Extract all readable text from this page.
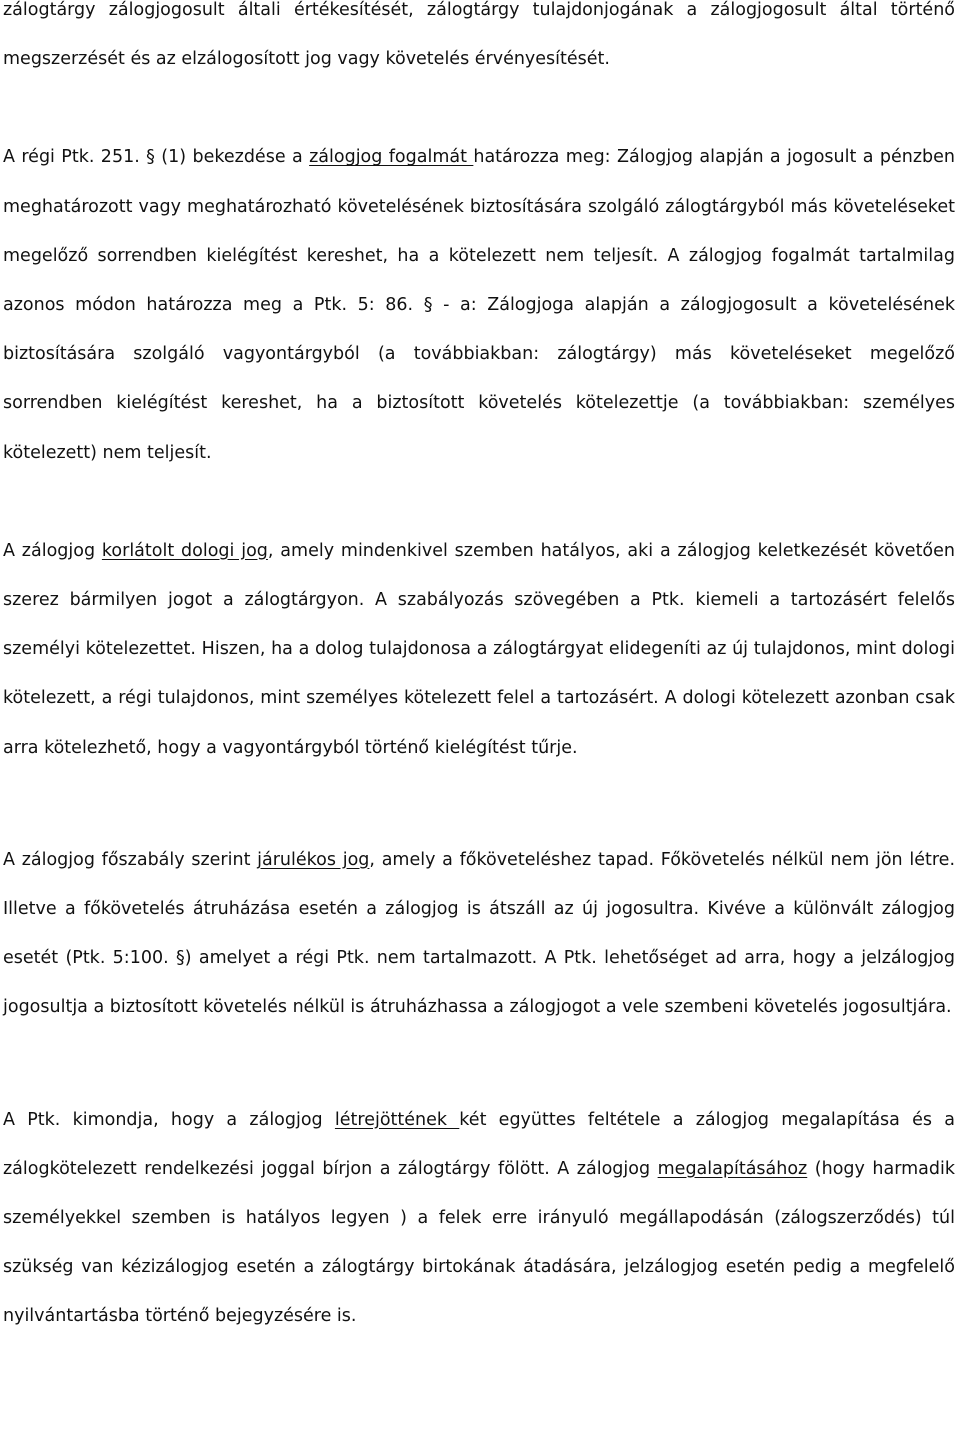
zálogtárgy zálogjogosult általi értékesítését, zálogtárgy tulajdonjogának a zálogjogosult által történő megszerzését és az elzálogosított jog vagy követelés érvényesítését.

A régi Ptk. 251. § (1) bekezdése a zálogjog fogalmát határozza meg: Zálogjog alapján a jogosult a pénzben meghatározott vagy meghatározható követelésének biztosítására szolgáló zálogtárgyból más követeléseket megelőző sorrendben kielégítést kereshet, ha a kötelezett nem teljesít. A zálogjog fogalmát tartalmilag azonos módon határozza meg a Ptk. 5: 86. § - a: Zálogjoga alapján a zálogjogosult a követelésének biztosítására szolgáló vagyontárgyból (a továbbiakban: zálogtárgy) más követeléseket megelőző sorrendben kielégítést kereshet, ha a biztosított követelés kötelezettje (a továbbiakban: személyes kötelezett) nem teljesít.

A zálogjog korlátolt dologi jog, amely mindenkivel szemben hatályos, aki a zálogjog keletkezését követően szerez bármilyen jogot a zálogtárgyon. A szabályozás szövegében a Ptk. kiemeli a tartozásért felelős személyi kötelezettet. Hiszen, ha a dolog tulajdonosa a zálogtárgyat elidegeníti az új tulajdonos, mint dologi kötelezett, a régi tulajdonos, mint személyes kötelezett felel a tartozásért. A dologi kötelezett azonban csak arra kötelezhető, hogy a vagyontárgyból történő kielégítést tűrje.

A zálogjog főszabály szerint járulékos jog, amely a főköveteléshez tapad. Főkövetelés nélkül nem jön létre. Illetve a főkövetelés átruházása esetén a zálogjog is átszáll az új jogosultra. Kivéve a különvált zálogjog esetét (Ptk. 5:100. §) amelyet a régi Ptk. nem tartalmazott. A Ptk. lehetőséget ad arra, hogy a jelzálogjog jogosultja a biztosított követelés nélkül is átruházhassa a zálogjogot a vele szembeni követelés jogosultjára.

A Ptk. kimondja, hogy a zálogjog létrejöttének két együttes feltétele a zálogjog megalapítása és a zálogkötelezett rendelkezési joggal bírjon a zálogtárgy fölött. A zálogjog megalapításához (hogy harmadik személyekkel szemben is hatályos legyen ) a felek erre irányuló megállapodásán (zálogszerződés) túl szükség van kézizálogjog esetén a zálogtárgy birtokának átadására, jelzálogjog esetén pedig a megfelelő nyilvántartásba történő bejegyzésére is.
